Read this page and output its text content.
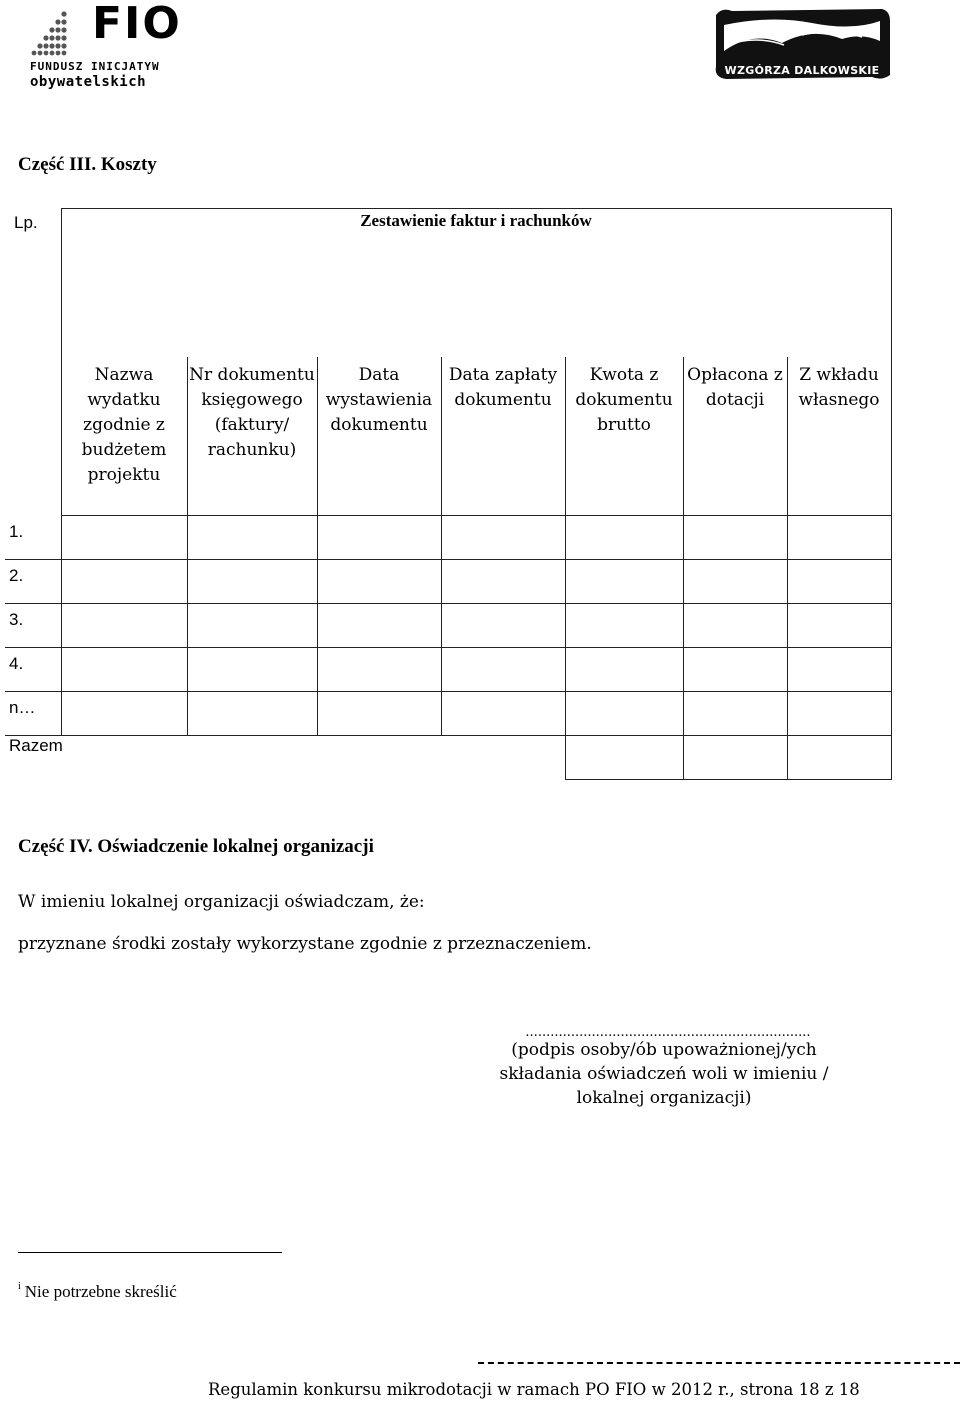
FIO
FUNDUSZ INICJATYW
obywatelskich
WZGÓRZA DALKOWSKIE
Część III. Koszty
Lp.	Zestawienie faktur i rachunków						
	Nazwa wydatku zgodnie z budżetem projektu	Nr dokumentu księgowego (faktury/ rachunku)	Data wystawienia dokumentu	Data zapłaty dokumentu	Kwota z dokumentu brutto	Opłacona z dotacji	Z wkładu własnego
1.							
2.							
3.							
4.							
n…							
Razem							
Część IV. Oświadczenie lokalnej organizacji
W imieniu lokalnej organizacji oświadczam, że:
przyznane środki zostały wykorzystane zgodnie z przeznaczeniem.
.....................................................................
(podpis osoby/ób upoważnionej/ych
składania oświadczeń woli w imieniu /
lokalnej organizacji)
$^i$ Nie potrzebne skreślić
Regulamin konkursu mikrodotacji w ramach PO FIO w 2012 r., strona 18 z 18
